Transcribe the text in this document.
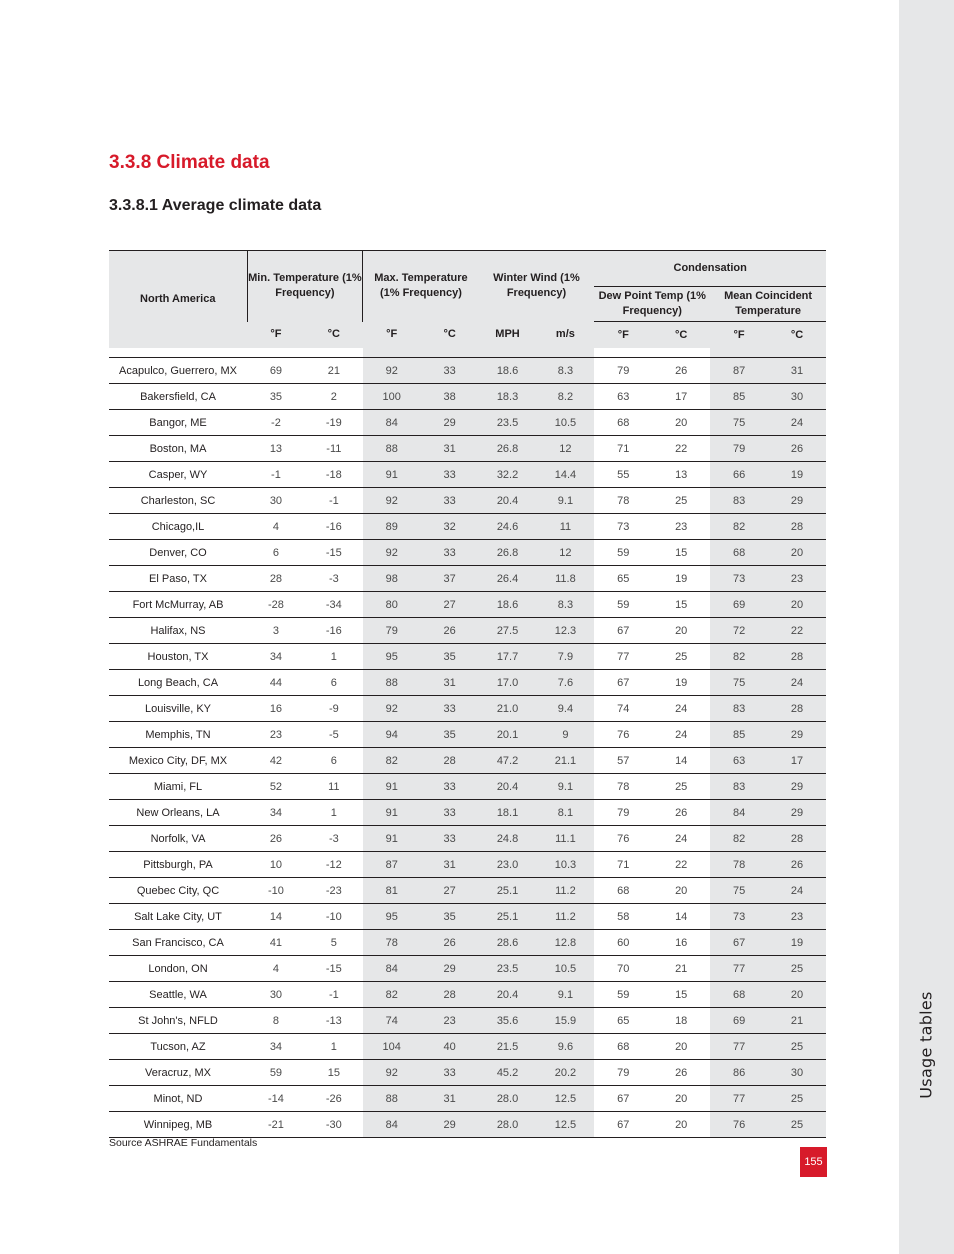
Usage tables
3.3.8 Climate data
3.3.8.1 Average climate data
North America	Min. Temperature (1% Frequency)		Max. Temperature (1% Frequency)		Winter Wind (1% Frequency)		Condensation			
							Dew Point Temp (1% Frequency)		Mean Coincident Temperature	
	°F	°C	°F	°C	MPH	m/s	°F	°C	°F	°C

Acapulco, Guerrero, MX	69	21	92	33	18.6	8.3	79	26	87	31
Bakersfield, CA	35	2	100	38	18.3	8.2	63	17	85	30
Bangor, ME	-2	-19	84	29	23.5	10.5	68	20	75	24
Boston, MA	13	-11	88	31	26.8	12	71	22	79	26
Casper, WY	-1	-18	91	33	32.2	14.4	55	13	66	19
Charleston, SC	30	-1	92	33	20.4	9.1	78	25	83	29
Chicago,IL	4	-16	89	32	24.6	11	73	23	82	28
Denver, CO	6	-15	92	33	26.8	12	59	15	68	20
El Paso, TX	28	-3	98	37	26.4	11.8	65	19	73	23
Fort McMurray, AB	-28	-34	80	27	18.6	8.3	59	15	69	20
Halifax, NS	3	-16	79	26	27.5	12.3	67	20	72	22
Houston, TX	34	1	95	35	17.7	7.9	77	25	82	28
Long Beach, CA	44	6	88	31	17.0	7.6	67	19	75	24
Louisville, KY	16	-9	92	33	21.0	9.4	74	24	83	28
Memphis, TN	23	-5	94	35	20.1	9	76	24	85	29
Mexico City, DF, MX	42	6	82	28	47.2	21.1	57	14	63	17
Miami, FL	52	11	91	33	20.4	9.1	78	25	83	29
New Orleans, LA	34	1	91	33	18.1	8.1	79	26	84	29
Norfolk, VA	26	-3	91	33	24.8	11.1	76	24	82	28
Pittsburgh, PA	10	-12	87	31	23.0	10.3	71	22	78	26
Quebec City, QC	-10	-23	81	27	25.1	11.2	68	20	75	24
Salt Lake City, UT	14	-10	95	35	25.1	11.2	58	14	73	23
San Francisco, CA	41	5	78	26	28.6	12.8	60	16	67	19
London, ON	4	-15	84	29	23.5	10.5	70	21	77	25
Seattle, WA	30	-1	82	28	20.4	9.1	59	15	68	20
St John's, NFLD	8	-13	74	23	35.6	15.9	65	18	69	21
Tucson, AZ	34	1	104	40	21.5	9.6	68	20	77	25
Veracruz, MX	59	15	92	33	45.2	20.2	79	26	86	30
Minot, ND	-14	-26	88	31	28.0	12.5	67	20	77	25
Winnipeg, MB	-21	-30	84	29	28.0	12.5	67	20	76	25
Source ASHRAE Fundamentals
155
